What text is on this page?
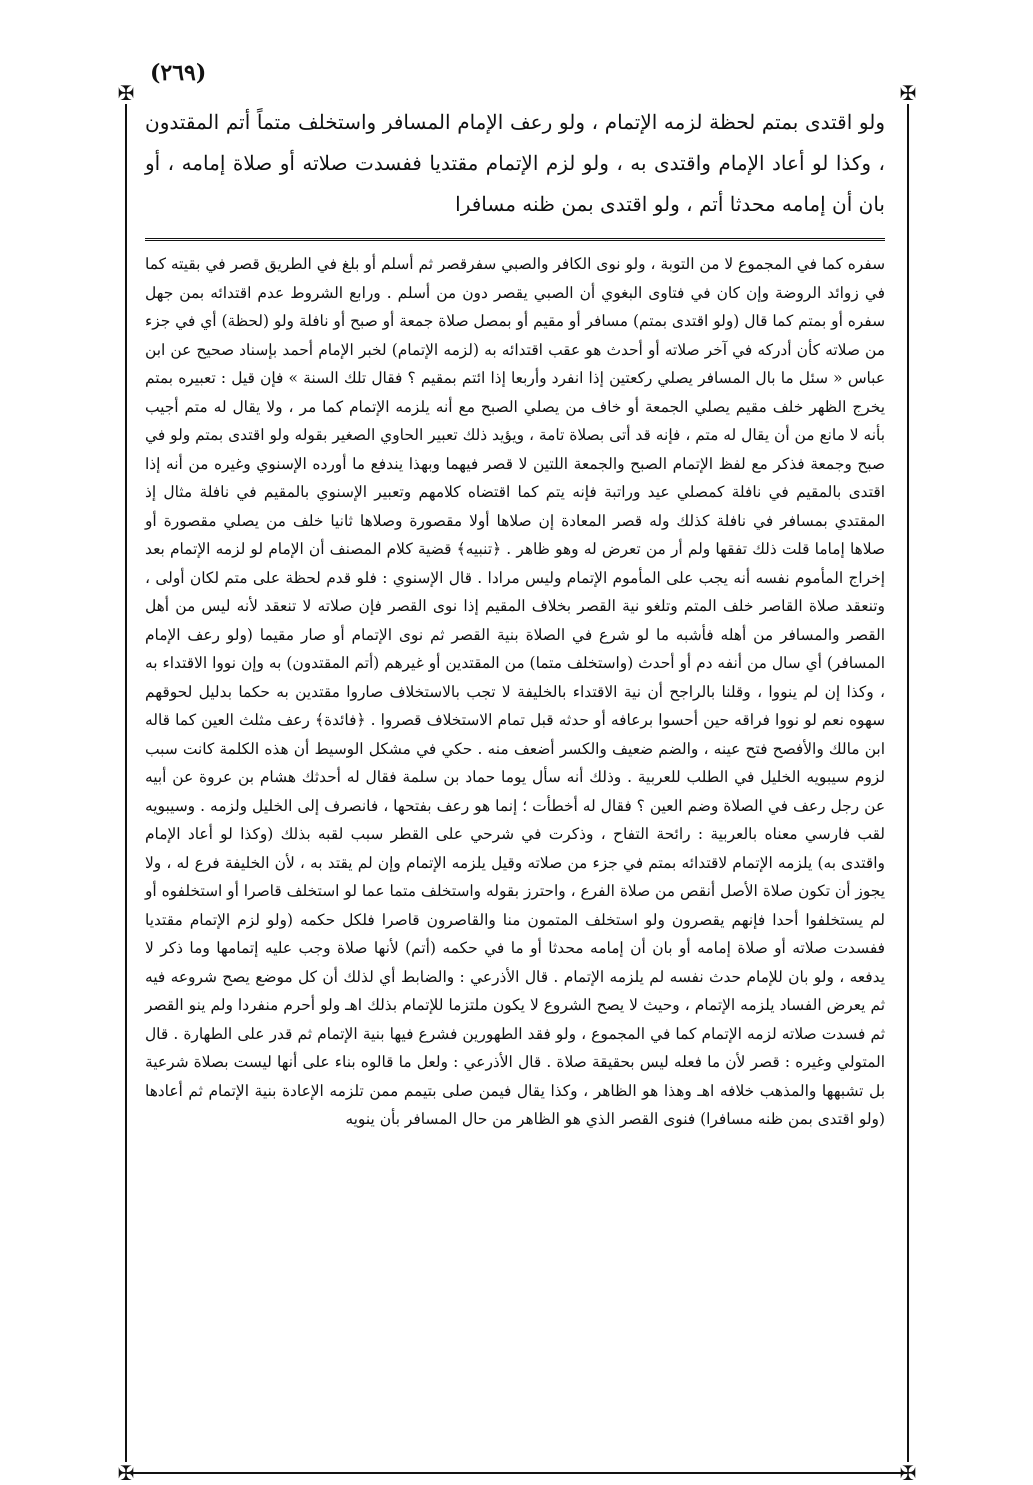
(٢٦٩)
✠	✠
✠	✠
ولو اقتدى بمتم لحظة لزمه الإتمام ، ولو رعف الإمام المسافر واستخلف متماً أتم المقتدون ، وكذا لو أعاد الإمام واقتدى به ، ولو لزم الإتمام مقتديا ففسدت صلاته أو صلاة إمامه ، أو بان أن إمامه محدثا أتم ، ولو اقتدى بمن ظنه مسافرا

سفره كما في المجموع لا من التوبة ، ولو نوى الكافر والصبي سفرقصر ثم أسلم أو بلغ في الطريق قصر في بقيته كما في زوائد الروضة وإن كان في فتاوى البغوي أن الصبي يقصر دون من أسلم . ورابع الشروط عدم اقتدائه بمن جهل سفره أو بمتم كما قال (ولو اقتدى بمتم) مسافر أو مقيم أو بمصل صلاة جمعة أو صبح أو نافلة ولو (لحظة) أي في جزء من صلاته كأن أدركه في آخر صلاته أو أحدث هو عقب اقتدائه به (لزمه الإتمام) لخبر الإمام أحمد بإسناد صحيح عن ابن عباس « سئل ما بال المسافر يصلي ركعتين إذا انفرد وأربعا إذا ائتم بمقيم ؟ فقال تلك السنة » فإن قيل : تعبيره بمتم يخرج الظهر خلف مقيم يصلي الجمعة أو خاف من يصلي الصبح مع أنه يلزمه الإتمام كما مر ، ولا يقال له متم أجيب بأنه لا مانع من أن يقال له متم ، فإنه قد أتى بصلاة تامة ، ويؤيد ذلك تعبير الحاوي الصغير بقوله ولو اقتدى بمتم ولو في صبح وجمعة فذكر مع لفظ الإتمام الصبح والجمعة اللتين لا قصر فيهما وبهذا يندفع ما أورده الإسنوي وغيره من أنه إذا اقتدى بالمقيم في نافلة كمصلي عيد وراتبة فإنه يتم كما اقتضاه كلامهم وتعبير الإسنوي بالمقيم في نافلة مثال إذ المقتدي بمسافر في نافلة كذلك وله قصر المعادة إن صلاها أولا مقصورة وصلاها ثانيا خلف من يصلي مقصورة أو صلاها إماما قلت ذلك تفقها ولم أر من تعرض له وهو ظاهر . ﴿تنبيه﴾ قضية كلام المصنف أن الإمام لو لزمه الإتمام بعد إخراج المأموم نفسه أنه يجب على المأموم الإتمام وليس مرادا . قال الإسنوي : فلو قدم لحظة على متم لكان أولى ، وتنعقد صلاة القاصر خلف المتم وتلغو نية القصر بخلاف المقيم إذا نوى القصر فإن صلاته لا تنعقد لأنه ليس من أهل القصر والمسافر من أهله فأشبه ما لو شرع في الصلاة بنية القصر ثم نوى الإتمام أو صار مقيما (ولو رعف الإمام المسافر) أي سال من أنفه دم أو أحدث (واستخلف متما) من المقتدين أو غيرهم (أتم المقتدون) به وإن نووا الاقتداء به ، وكذا إن لم ينووا ، وقلنا بالراجح أن نية الاقتداء بالخليفة لا تجب بالاستخلاف صاروا مقتدين به حكما بدليل لحوقهم سهوه نعم لو نووا فراقه حين أحسوا برعافه أو حدثه قبل تمام الاستخلاف قصروا . ﴿فائدة﴾ رعف مثلث العين كما قاله ابن مالك والأفصح فتح عينه ، والضم ضعيف والكسر أضعف منه . حكي في مشكل الوسيط أن هذه الكلمة كانت سبب لزوم سيبويه الخليل في الطلب للعربية . وذلك أنه سأل يوما حماد بن سلمة فقال له أحدثك هشام بن عروة عن أبيه عن رجل رعف في الصلاة وضم العين ؟ فقال له أخطأت ؛ إنما هو رعف بفتحها ، فانصرف إلى الخليل ولزمه . وسيبويه لقب فارسي معناه بالعربية : رائحة التفاح ، وذكرت في شرحي على القطر سبب لقبه بذلك (وكذا لو أعاد الإمام واقتدى به) يلزمه الإتمام لاقتدائه بمتم في جزء من صلاته وقيل يلزمه الإتمام وإن لم يقتد به ، لأن الخليفة فرع له ، ولا يجوز أن تكون صلاة الأصل أنقص من صلاة الفرع ، واحترز بقوله واستخلف متما عما لو استخلف قاصرا أو استخلفوه أو لم يستخلفوا أحدا فإنهم يقصرون ولو استخلف المتمون منا والقاصرون قاصرا فلكل حكمه (ولو لزم الإتمام مقتديا ففسدت صلاته أو صلاة إمامه أو بان أن إمامه محدثا أو ما في حكمه (أتم) لأنها صلاة وجب عليه إتمامها وما ذكر لا يدفعه ، ولو بان للإمام حدث نفسه لم يلزمه الإتمام . قال الأذرعي : والضابط أي لذلك أن كل موضع يصح شروعه فيه ثم يعرض الفساد يلزمه الإتمام ، وحيث لا يصح الشروع لا يكون ملتزما للإتمام بذلك اهـ ولو أحرم منفردا ولم ينو القصر ثم فسدت صلاته لزمه الإتمام كما في المجموع ، ولو فقد الطهورين فشرع فيها بنية الإتمام ثم قدر على الطهارة . قال المتولي وغيره : قصر لأن ما فعله ليس بحقيقة صلاة . قال الأذرعي : ولعل ما قالوه بناء على أنها ليست بصلاة شرعية بل تشبهها والمذهب خلافه اهـ وهذا هو الظاهر ، وكذا يقال فيمن صلى بتيمم ممن تلزمه الإعادة بنية الإتمام ثم أعادها (ولو اقتدى بمن ظنه مسافرا) فنوى القصر الذي هو الظاهر من حال المسافر بأن ينويه
